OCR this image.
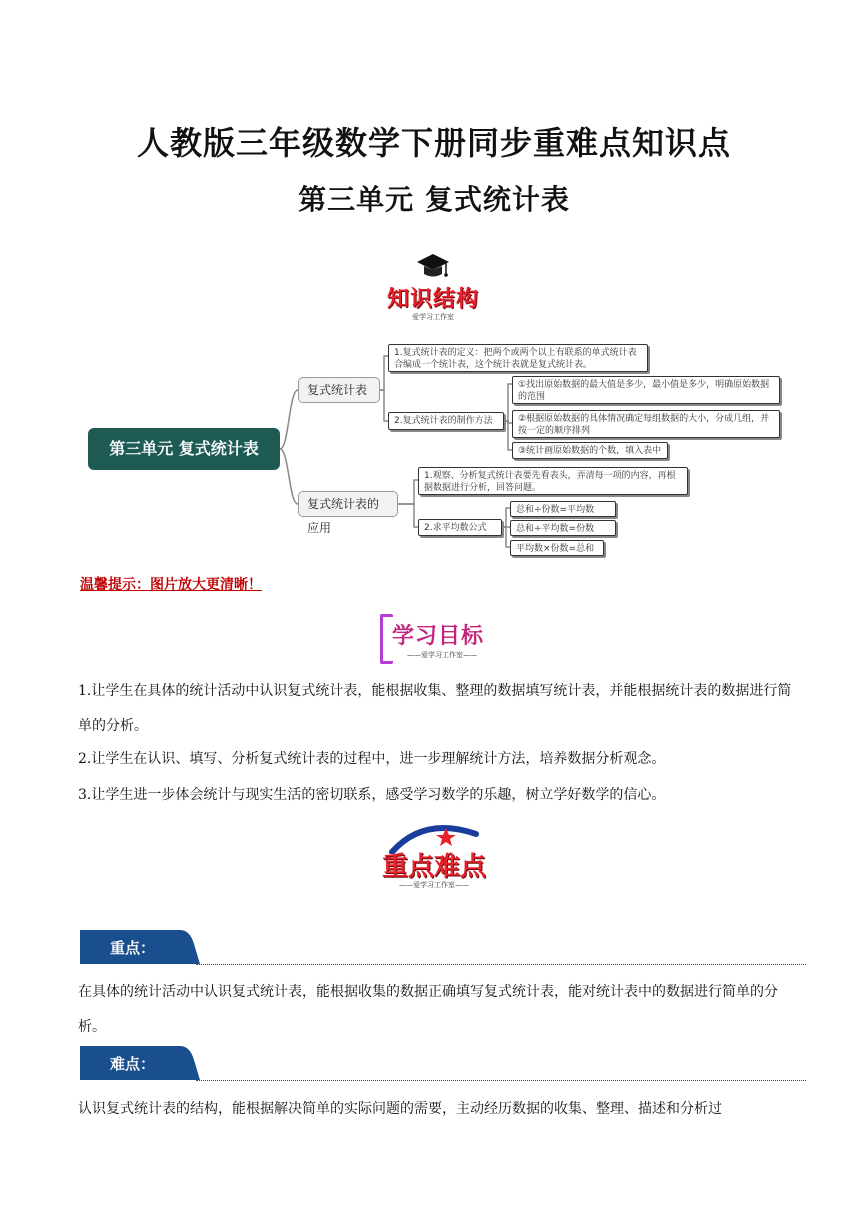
人教版三年级数学下册同步重难点知识点
第三单元 复式统计表
知识结构
爱学习工作室
第三单元 复式统计表
复式统计表
1.复式统计表的定义：把两个或两个以上有联系的单式统计表合编成一个统计表，这个统计表就是复式统计表。
2.复式统计表的制作方法
①找出原始数据的最大值是多少，最小值是多少，明确原始数据的范围
②根据原始数据的具体情况确定每组数据的大小，分成几组，并按一定的顺序排列
③统计画原始数据的个数，填入表中
复式统计表的应用
1.观察、分析复式统计表要先看表头，弄清每一项的内容，再根据数据进行分析，回答问题。
2.求平均数公式
总和÷份数=平均数
总和÷平均数=份数
平均数×份数=总和
温馨提示：图片放大更清晰！
学习目标
——爱学习工作室——
1.让学生在具体的统计活动中认识复式统计表，能根据收集、整理的数据填写统计表，并能根据统计表的数据进行简单的分析。
2.让学生在认识、填写、分析复式统计表的过程中，进一步理解统计方法，培养数据分析观念。
3.让学生进一步体会统计与现实生活的密切联系，感受学习数学的乐趣，树立学好数学的信心。
重点难点
——爱学习工作室——
重点：
在具体的统计活动中认识复式统计表，能根据收集的数据正确填写复式统计表，能对统计表中的数据进行简单的分析。
难点：
认识复式统计表的结构，能根据解决简单的实际问题的需要，主动经历数据的收集、整理、描述和分析过
